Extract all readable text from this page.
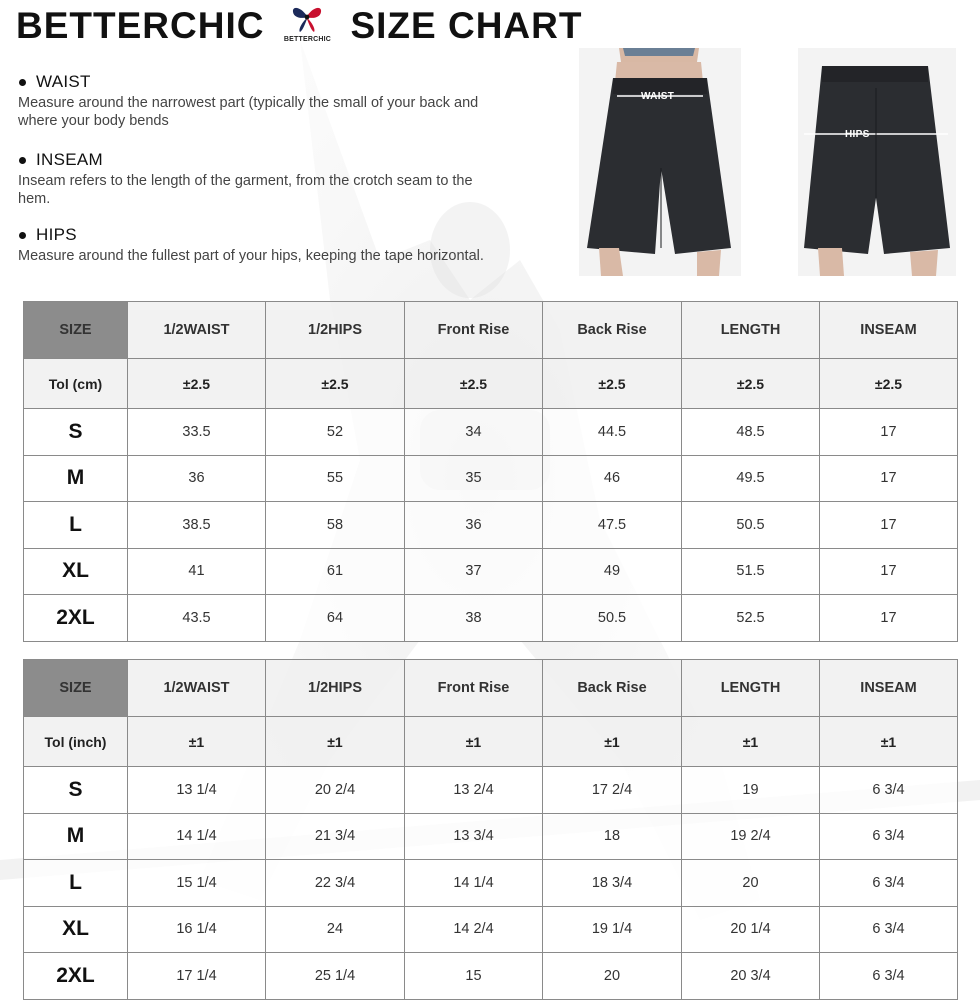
BETTERCHIC	BETTERCHIC SIZE CHART
WAIST
Measure around the narrowest part (typically the small of your back and where your body bends
INSEAM
Inseam refers to the length of the garment, from the crotch seam to the hem.
HIPS
Measure around the fullest part of your hips, keeping the tape horizontal.
WAIST
HIPS
SIZE	1/2WAIST	1/2HIPS	Front Rise	Back Rise	LENGTH	INSEAM
Tol (cm)	±2.5	±2.5	±2.5	±2.5	±2.5	±2.5
S	33.5	52	34	44.5	48.5	17
M	36	55	35	46	49.5	17
L	38.5	58	36	47.5	50.5	17
XL	41	61	37	49	51.5	17
2XL	43.5	64	38	50.5	52.5	17
SIZE	1/2WAIST	1/2HIPS	Front Rise	Back Rise	LENGTH	INSEAM
Tol (inch)	±1	±1	±1	±1	±1	±1
S	13 1/4	20 2/4	13 2/4	17 2/4	19	6 3/4
M	14 1/4	21 3/4	13 3/4	18	19 2/4	6 3/4
L	15 1/4	22 3/4	14 1/4	18 3/4	20	6 3/4
XL	16 1/4	24	14 2/4	19 1/4	20 1/4	6 3/4
2XL	17 1/4	25 1/4	15	20	20 3/4	6 3/4
